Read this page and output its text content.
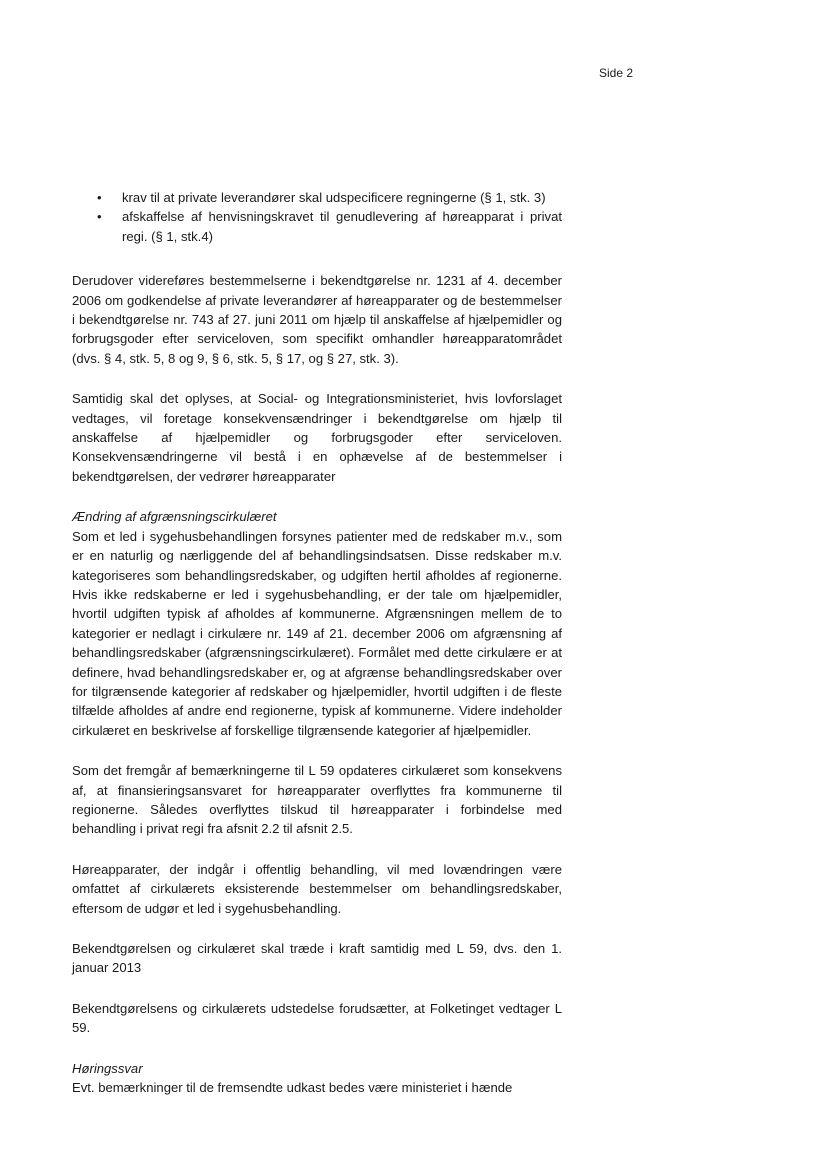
Side 2
• krav til at private leverandører skal udspecificere regningerne (§ 1, stk. 3)
• afskaffelse af henvisningskravet til genudlevering af høreapparat i privat regi. (§ 1, stk.4)

Derudover videreføres bestemmelserne i bekendtgørelse nr. 1231 af 4. december 2006 om godkendelse af private leverandører af høreapparater og de bestemmelser i bekendtgørelse nr. 743 af 27. juni 2011 om hjælp til anskaffelse af hjælpemidler og forbrugsgoder efter serviceloven, som specifikt omhandler høreapparatområdet (dvs. § 4, stk. 5, 8 og 9, § 6, stk. 5, § 17, og § 27, stk. 3).

Samtidig skal det oplyses, at Social- og Integrationsministeriet, hvis lovforslaget vedtages, vil foretage konsekvensændringer i bekendtgørelse om hjælp til anskaffelse af hjælpemidler og forbrugsgoder efter serviceloven. Konsekvensændringerne vil bestå i en ophævelse af de bestemmelser i bekendtgørelsen, der vedrører høreapparater

Ændring af afgrænsningscirkulæret

Som et led i sygehusbehandlingen forsynes patienter med de redskaber m.v., som er en naturlig og nærliggende del af behandlingsindsatsen. Disse redskaber m.v. kategoriseres som behandlingsredskaber, og udgiften hertil afholdes af regionerne. Hvis ikke redskaberne er led i sygehusbehandling, er der tale om hjælpemidler, hvortil udgiften typisk af afholdes af kommunerne. Afgrænsningen mellem de to kategorier er nedlagt i cirkulære nr. 149 af 21. december 2006 om afgrænsning af behandlingsredskaber (afgrænsningscirkulæret). Formålet med dette cirkulære er at definere, hvad behandlingsredskaber er, og at afgrænse behandlingsredskaber over for tilgrænsende kategorier af redskaber og hjælpemidler, hvortil udgiften i de fleste tilfælde afholdes af andre end regionerne, typisk af kommunerne. Videre indeholder cirkulæret en beskrivelse af forskellige tilgrænsende kategorier af hjælpemidler.

Som det fremgår af bemærkningerne til L 59 opdateres cirkulæret som konsekvens af, at finansieringsansvaret for høreapparater overflyttes fra kommunerne til regionerne. Således overflyttes tilskud til høreapparater i forbindelse med behandling i privat regi fra afsnit 2.2 til afsnit 2.5.

Høreapparater, der indgår i offentlig behandling, vil med lovændringen være omfattet af cirkulærets eksisterende bestemmelser om behandlingsredskaber, eftersom de udgør et led i sygehusbehandling.

Bekendtgørelsen og cirkulæret skal træde i kraft samtidig med L 59, dvs. den 1. januar 2013

Bekendtgørelsens og cirkulærets udstedelse forudsætter, at Folketinget vedtager L 59.

Høringssvar

Evt. bemærkninger til de fremsendte udkast bedes være ministeriet i hænde
